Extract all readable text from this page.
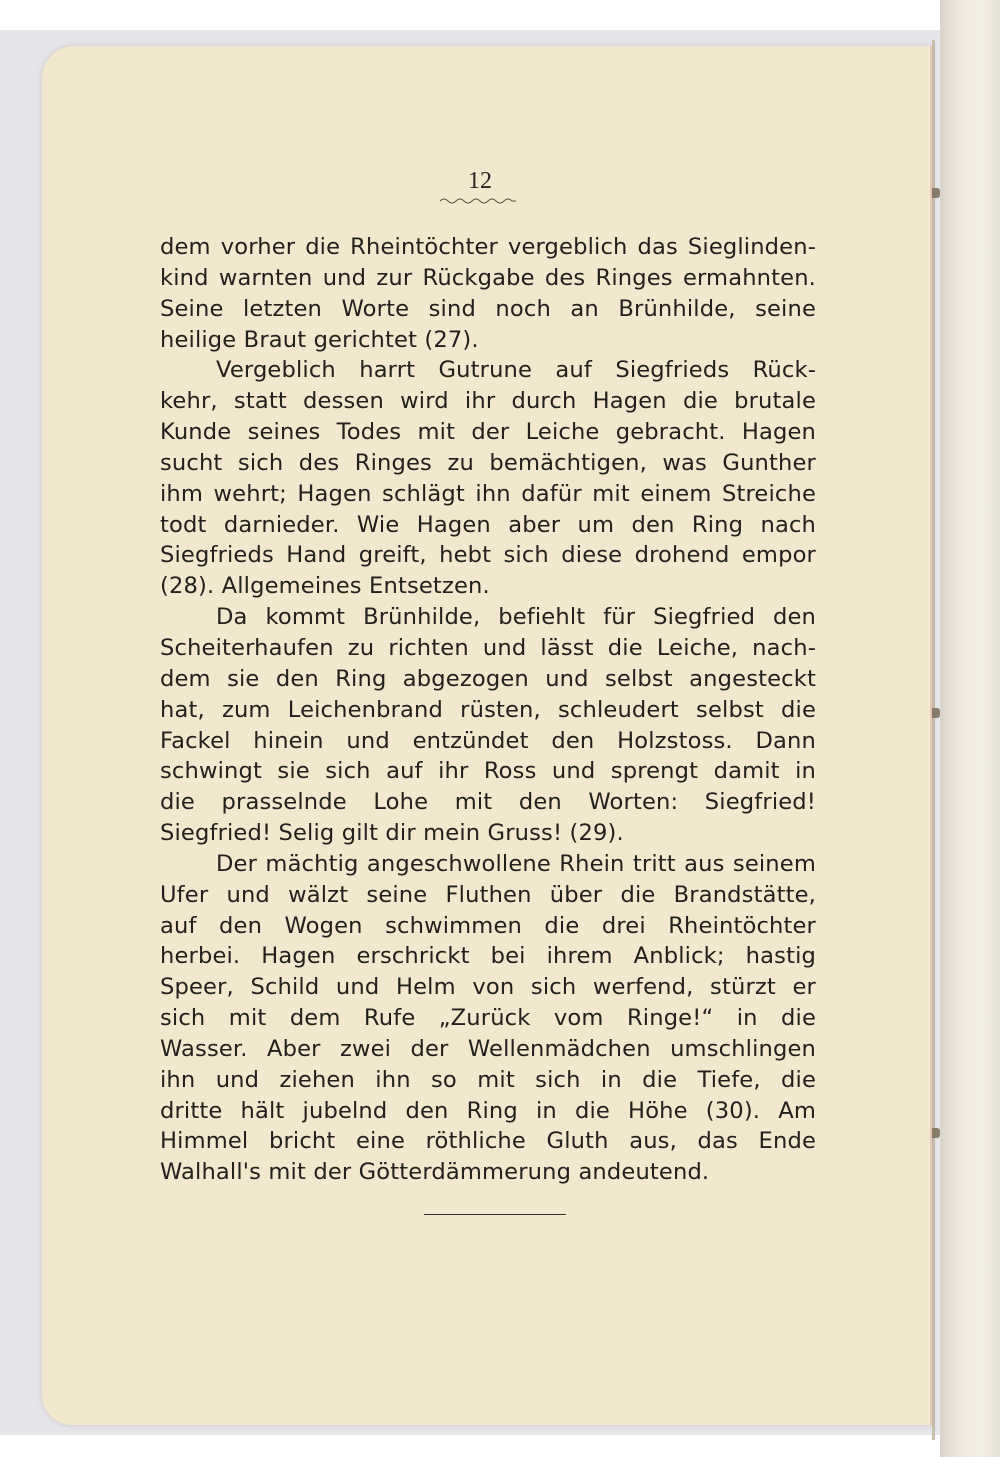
12
dem vorher die Rheintöchter vergeblich das Sieglinden-
kind warnten und zur Rückgabe des Ringes ermahnten.
Seine letzten Worte sind noch an Brünhilde, seine
heilige Braut gerichtet (27).
Vergeblich harrt Gutrune auf Siegfrieds Rück-
kehr, statt dessen wird ihr durch Hagen die brutale
Kunde seines Todes mit der Leiche gebracht. Hagen
sucht sich des Ringes zu bemächtigen, was Gunther
ihm wehrt; Hagen schlägt ihn dafür mit einem Streiche
todt darnieder. Wie Hagen aber um den Ring nach
Siegfrieds Hand greift, hebt sich diese drohend empor
(28). Allgemeines Entsetzen.
Da kommt Brünhilde, befiehlt für Siegfried den
Scheiterhaufen zu richten und lässt die Leiche, nach-
dem sie den Ring abgezogen und selbst angesteckt
hat, zum Leichenbrand rüsten, schleudert selbst die
Fackel hinein und entzündet den Holzstoss. Dann
schwingt sie sich auf ihr Ross und sprengt damit in
die prasselnde Lohe mit den Worten: Siegfried!
Siegfried! Selig gilt dir mein Gruss! (29).
Der mächtig angeschwollene Rhein tritt aus seinem
Ufer und wälzt seine Fluthen über die Brandstätte,
auf den Wogen schwimmen die drei Rheintöchter
herbei. Hagen erschrickt bei ihrem Anblick; hastig
Speer, Schild und Helm von sich werfend, stürzt er
sich mit dem Rufe „Zurück vom Ringe!“ in die
Wasser. Aber zwei der Wellenmädchen umschlingen
ihn und ziehen ihn so mit sich in die Tiefe, die
dritte hält jubelnd den Ring in die Höhe (30). Am
Himmel bricht eine röthliche Gluth aus, das Ende
Walhall's mit der Götterdämmerung andeutend.
